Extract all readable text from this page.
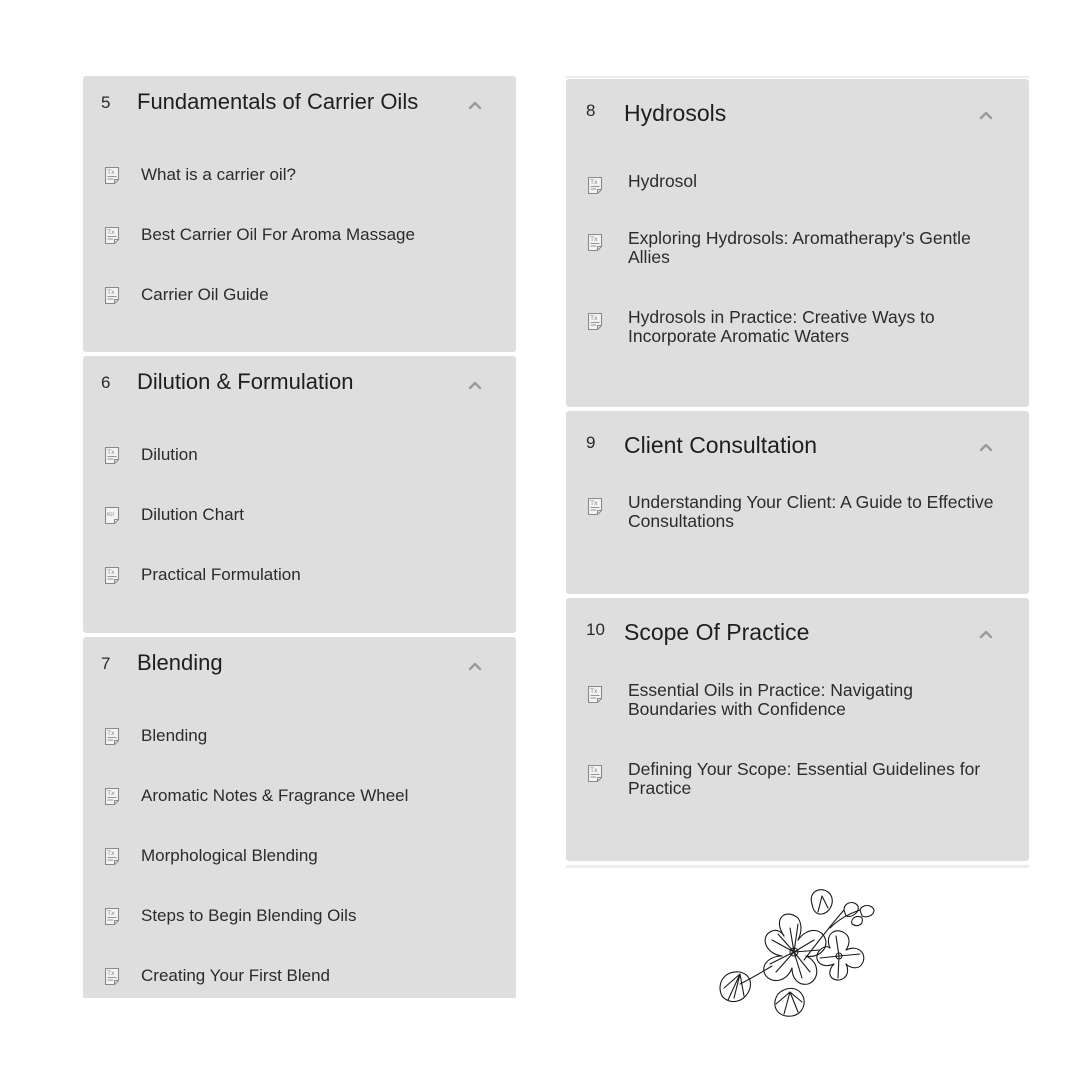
5 Fundamentals of Carrier Oils
Tx What is a carrier oil?
Tx Best Carrier Oil For Aroma Massage
Tx Carrier Oil Guide
6 Dilution & Formulation
Tx Dilution
PDF Dilution Chart
Tx Practical Formulation
7 Blending
Tx Blending
Tx Aromatic Notes & Fragrance Wheel
Tx Morphological Blending
Tx Steps to Begin Blending Oils
Tx Creating Your First Blend
8 Hydrosols
Tx Hydrosol
Tx Exploring Hydrosols: Aromatherapy's Gentle Allies
Tx Hydrosols in Practice: Creative Ways to Incorporate Aromatic Waters
9 Client Consultation
Tx Understanding Your Client: A Guide to Effective Consultations
10 Scope Of Practice
Tx Essential Oils in Practice: Navigating Boundaries with Confidence
Tx Defining Your Scope: Essential Guidelines for Practice
